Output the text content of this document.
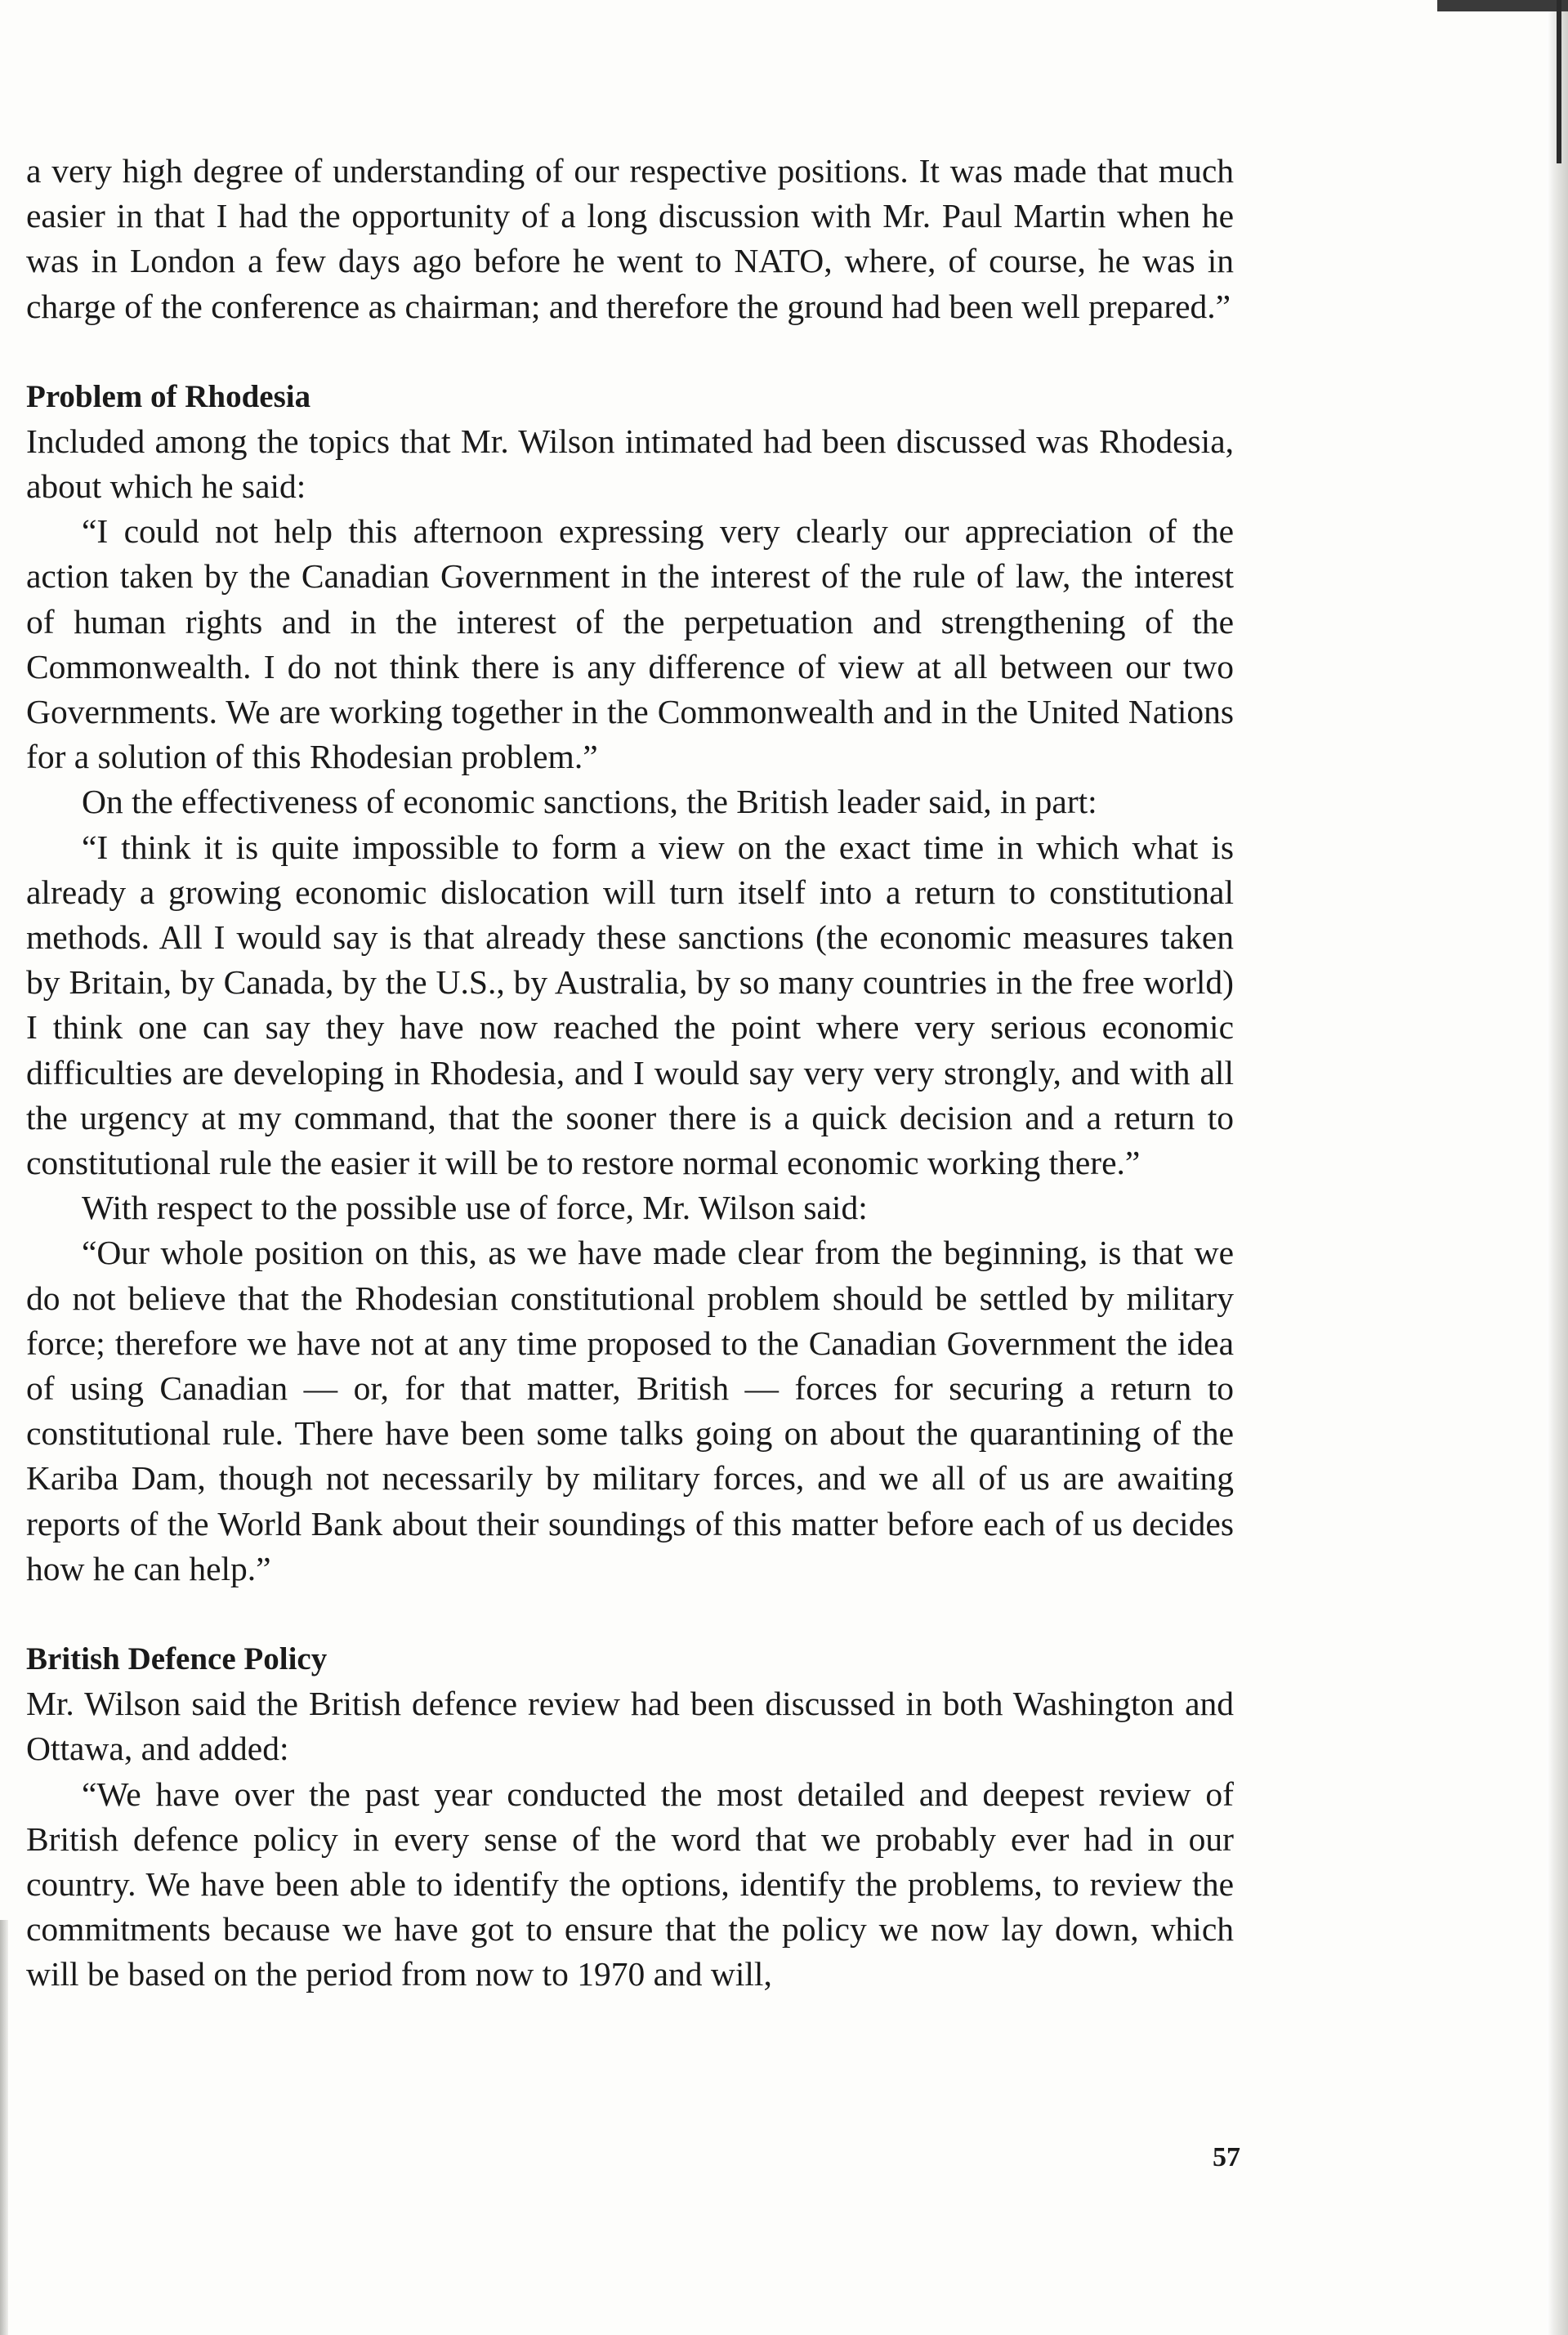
a very high degree of understanding of our respective positions. It was made that much easier in that I had the opportunity of a long discussion with Mr. Paul Martin when he was in London a few days ago before he went to NATO, where, of course, he was in charge of the conference as chairman; and therefore the ground had been well prepared.”

Problem of Rhodesia

Included among the topics that Mr. Wilson intimated had been discussed was Rhodesia, about which he said:

“I could not help this afternoon expressing very clearly our appreciation of the action taken by the Canadian Government in the interest of the rule of law, the interest of human rights and in the interest of the perpetuation and strengthening of the Commonwealth. I do not think there is any difference of view at all between our two Governments. We are working together in the Commonwealth and in the United Nations for a solution of this Rhodesian problem.”

On the effectiveness of economic sanctions, the British leader said, in part:

“I think it is quite impossible to form a view on the exact time in which what is already a growing economic dislocation will turn itself into a return to constitutional methods. All I would say is that already these sanctions (the economic measures taken by Britain, by Canada, by the U.S., by Australia, by so many countries in the free world) I think one can say they have now reached the point where very serious economic difficulties are developing in Rhodesia, and I would say very very strongly, and with all the urgency at my command, that the sooner there is a quick decision and a return to constitutional rule the easier it will be to restore normal economic working there.”

With respect to the possible use of force, Mr. Wilson said:

“Our whole position on this, as we have made clear from the beginning, is that we do not believe that the Rhodesian constitutional problem should be settled by military force; therefore we have not at any time proposed to the Canadian Government the idea of using Canadian — or, for that matter, British — forces for securing a return to constitutional rule. There have been some talks going on about the quarantining of the Kariba Dam, though not necessarily by military forces, and we all of us are awaiting reports of the World Bank about their soundings of this matter before each of us decides how he can help.”

British Defence Policy

Mr. Wilson said the British defence review had been discussed in both Washington and Ottawa, and added:

“We have over the past year conducted the most detailed and deepest review of British defence policy in every sense of the word that we probably ever had in our country. We have been able to identify the options, identify the problems, to review the commitments because we have got to ensure that the policy we now lay down, which will be based on the period from now to 1970 and will,

57
